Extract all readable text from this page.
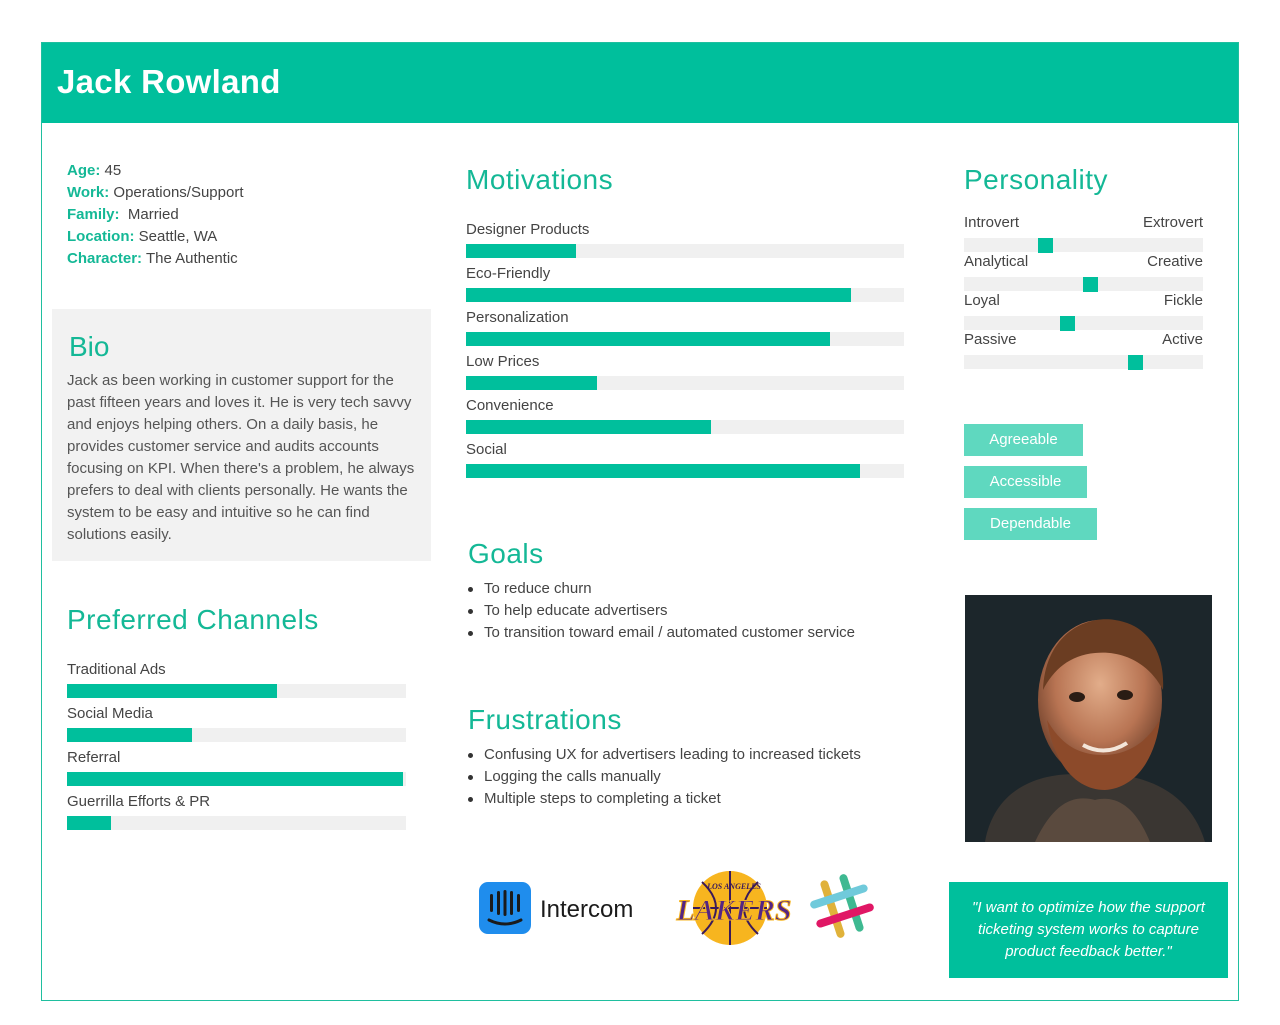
Jack Rowland
Age: 45
Work: Operations/Support
Family: Married
Location: Seattle, WA
Character: The Authentic
Bio

Jack as been working in customer support for the past fifteen years and loves it. He is very tech savvy and enjoys helping others. On a daily basis, he provides customer service and audits accounts focusing on KPI. When there's a problem, he always prefers to deal with clients personally. He wants the system to be easy and intuitive so he can find solutions easily.

Preferred Channels
Traditional Ads
Social Media
Referral
Guerrilla Efforts & PR
Motivations
Designer Products
Eco-Friendly
Personalization
Low Prices
Convenience
Social
Goals
To reduce churn
To help educate advertisers
To transition toward email / automated customer service
Frustrations
Confusing UX for advertisers leading to increased tickets
Logging the calls manually
Multiple steps to completing a ticket
Personality
Introvert	Extrovert
Analytical	Creative
Loyal	Fickle
Passive	Active
Agreeable
Accessible
Dependable
Intercom
LOS ANGELES
LAKERS	"I want to optimize how the support ticketing system works to capture product feedback better."
